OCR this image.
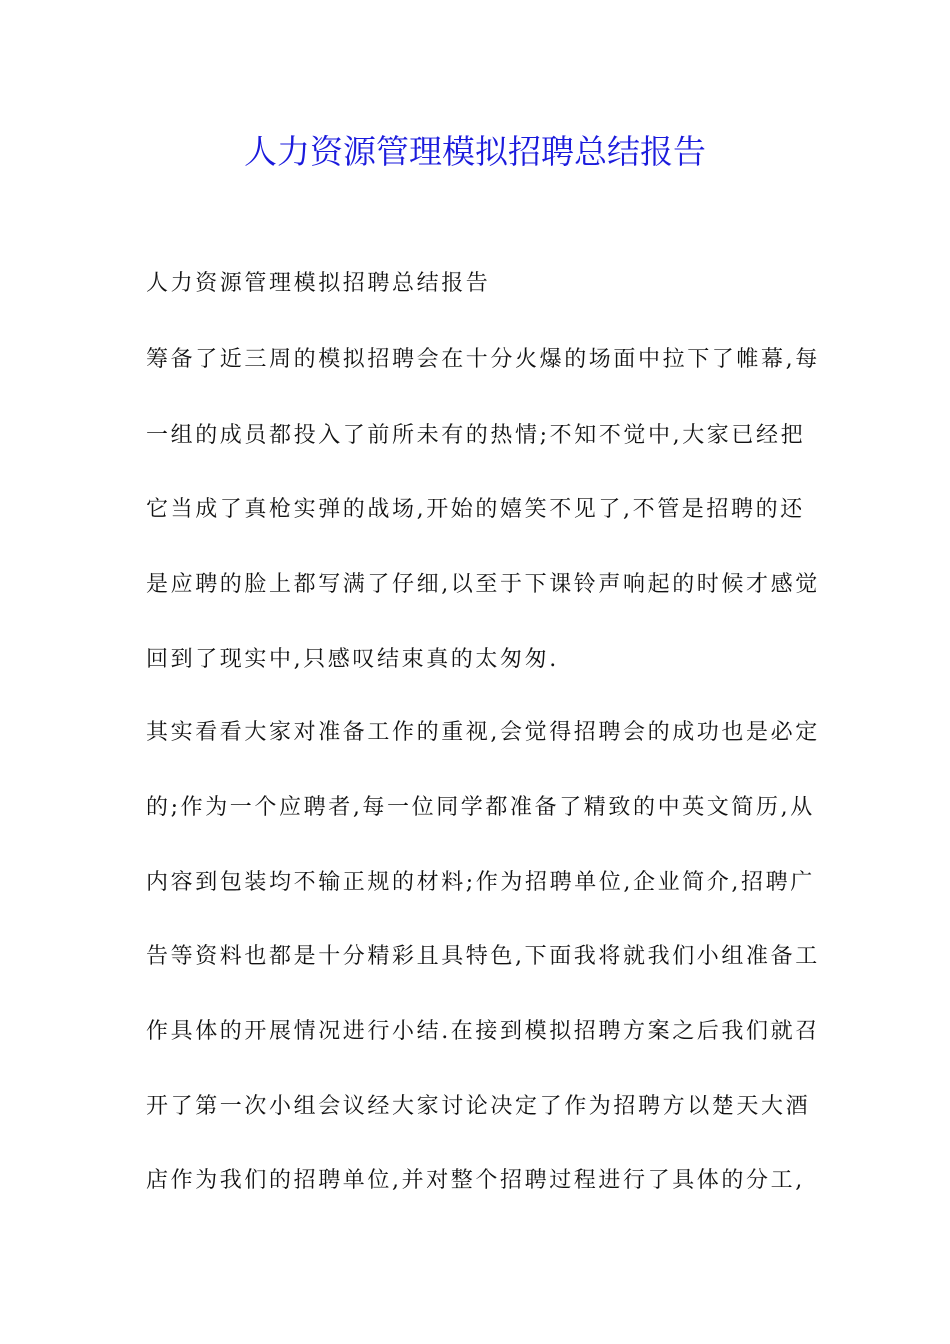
人力资源管理模拟招聘总结报告
人力资源管理模拟招聘总结报告
筹备了近三周的模拟招聘会在十分火爆的场面中拉下了帷幕,每
一组的成员都投入了前所未有的热情;不知不觉中,大家已经把
它当成了真枪实弹的战场,开始的嬉笑不见了,不管是招聘的还
是应聘的脸上都写满了仔细,以至于下课铃声响起的时候才感觉
回到了现实中,只感叹结束真的太匆匆.
其实看看大家对准备工作的重视,会觉得招聘会的成功也是必定
的;作为一个应聘者,每一位同学都准备了精致的中英文简历,从
内容到包装均不输正规的材料;作为招聘单位,企业简介,招聘广
告等资料也都是十分精彩且具特色,下面我将就我们小组准备工
作具体的开展情况进行小结.在接到模拟招聘方案之后我们就召
开了第一次小组会议经大家讨论决定了作为招聘方以楚天大酒
店作为我们的招聘单位,并对整个招聘过程进行了具体的分工,
